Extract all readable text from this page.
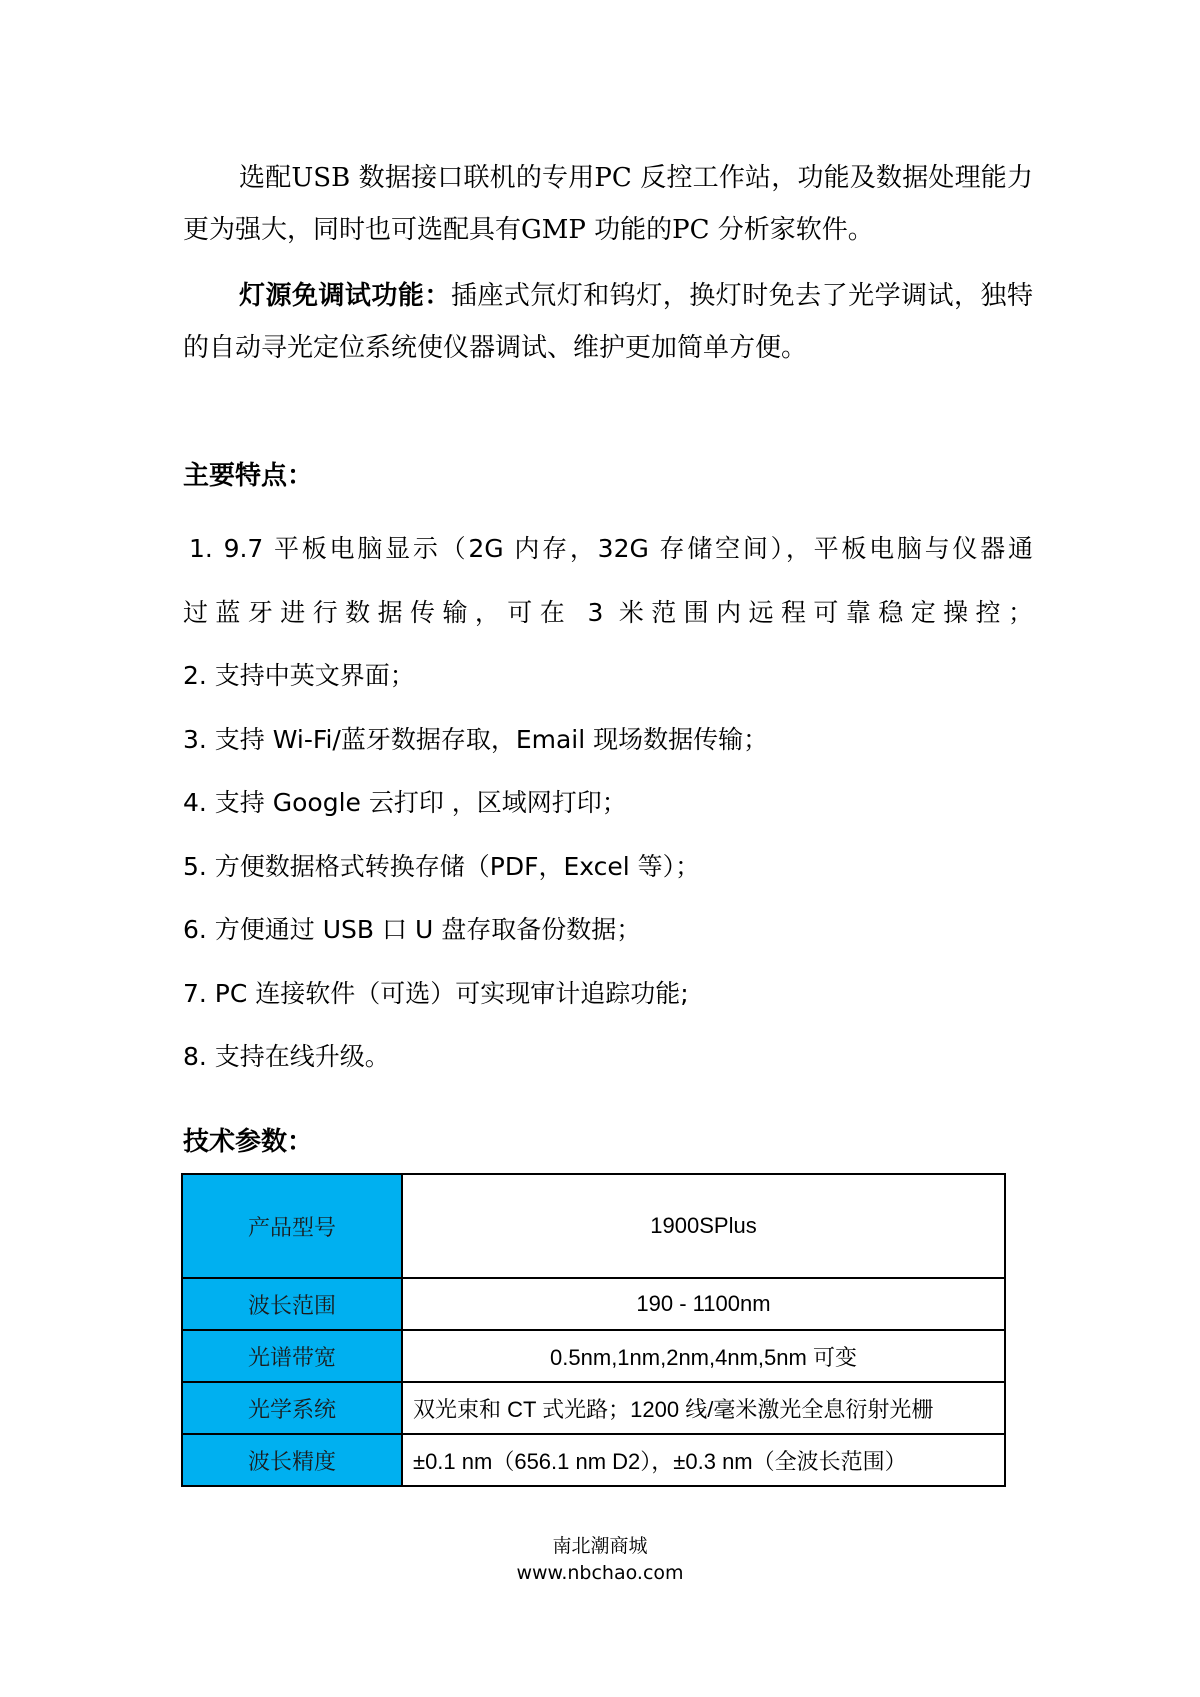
选配USB 数据接口联机的专用PC 反控工作站，功能及数据处理能力更为强大，同时也可选配具有GMP 功能的PC 分析家软件。

灯源免调试功能：插座式氘灯和钨灯，换灯时免去了光学调试，独特的自动寻光定位系统使仪器调试、维护更加简单方便。

主要特点：
1. 9.7 平板电脑显示（2G 内存，32G 存储空间），平板电脑与仪器通
过蓝牙进行数据传输，可在 3 米范围内远程可靠稳定操控；
2. 支持中英文界面；
3. 支持 Wi-Fi/蓝牙数据存取，Email 现场数据传输；
4. 支持 Google 云打印 ，区域网打印；
5. 方便数据格式转换存储（PDF，Excel 等）；
6. 方便通过 USB 口 U 盘存取备份数据；
7. PC 连接软件（可选）可实现审计追踪功能;
8. 支持在线升级。
技术参数：
产品型号	1900SPlus
波长范围	190 - 1100nm
光谱带宽	0.5nm,1nm,2nm,4nm,5nm 可变
光学系统	双光束和 CT 式光路；1200 线/毫米激光全息衍射光栅
波长精度	±0.1 nm（656.1 nm D2），±0.3 nm（全波长范围）
南北潮商城
www.nbchao.com
